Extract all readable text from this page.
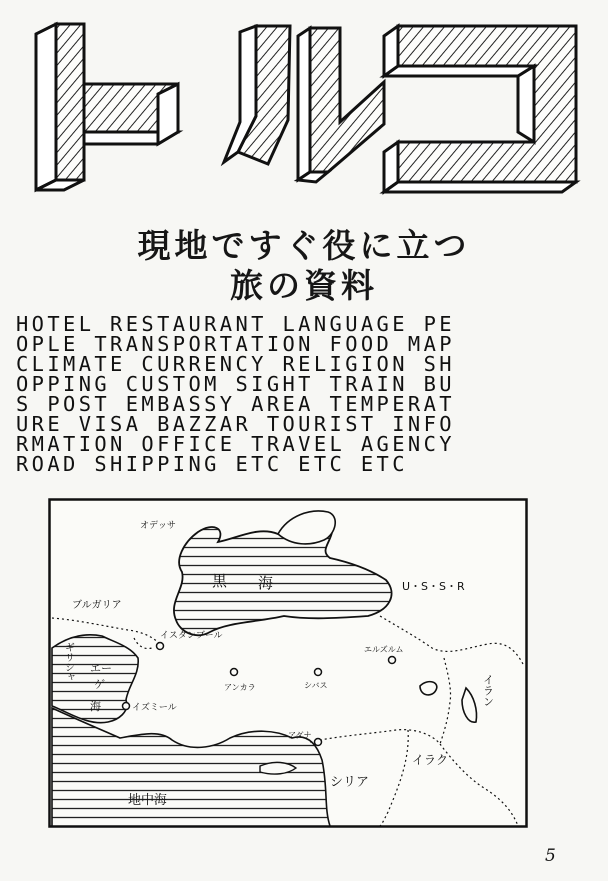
現地ですぐ役に立つ
旅の資料
HOTEL RESTAURANT LANGUAGE PE
OPLE TRANSPORTATION FOOD MAP
CLIMATE CURRENCY RELIGION SH
OPPING CUSTOM SIGHT TRAIN BU
S POST EMBASSY AREA TEMPERAT
URE VISA BAZZAR TOURIST INFO
RMATION OFFICE TRAVEL AGENCY
ROAD SHIPPING ETC ETC ETC
オデッサ
黒 海	U・S・S・R
ブルガリア
イスタンブール
ギリシャ エー
ゲ
海	イズミール
アンカラ	シバス
エルズルム
イラン
アダナ
シリア
イラク
地中海
5
